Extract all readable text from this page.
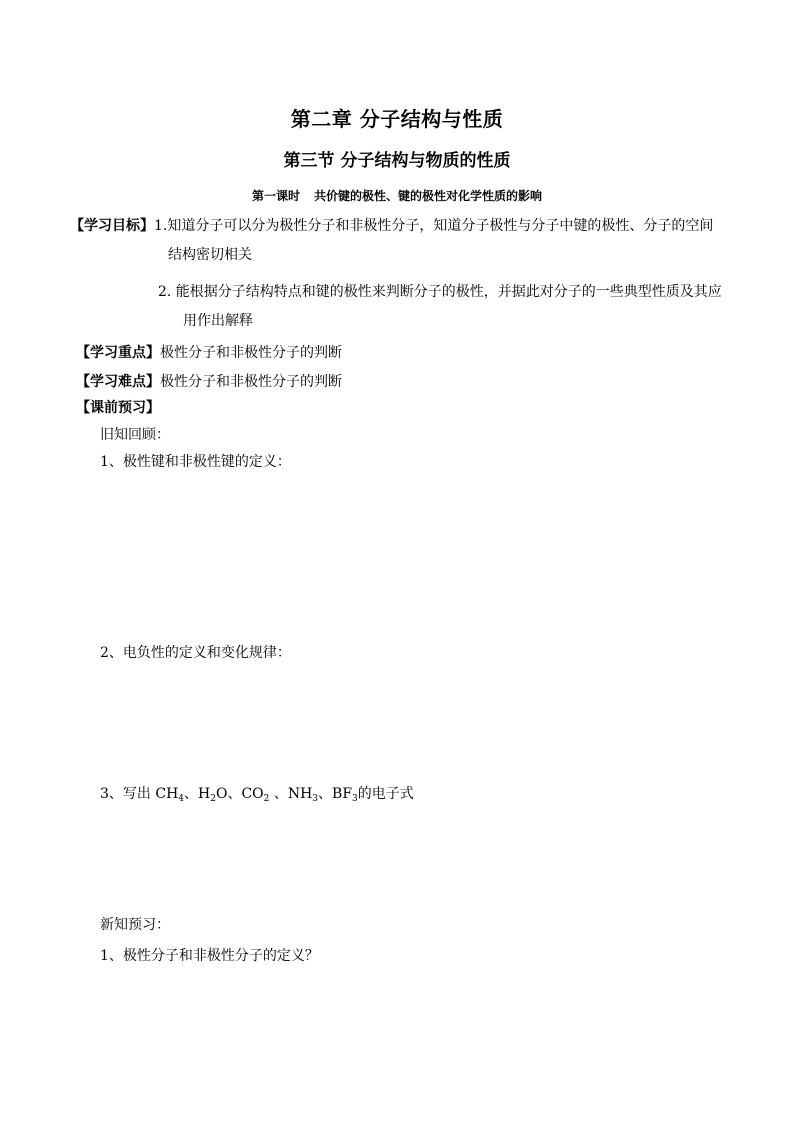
第二章 分子结构与性质
第三节 分子结构与物质的性质
第一课时 共价键的极性、键的极性对化学性质的影响
【学习目标】1.知道分子可以分为极性分子和非极性分子，知道分子极性与分子中键的极性、分子的空间
结构密切相关
2. 能根据分子结构特点和键的极性来判断分子的极性，并据此对分子的一些典型性质及其应
用作出解释
【学习重点】极性分子和非极性分子的判断
【学习难点】极性分子和非极性分子的判断
【课前预习】
旧知回顾：
1、极性键和非极性键的定义：
2、电负性的定义和变化规律：
3、写出 $CH_4$、$H_2O$、$CO_2$ 、$NH_3$、$BF_3$的电子式
新知预习：
1、极性分子和非极性分子的定义？
